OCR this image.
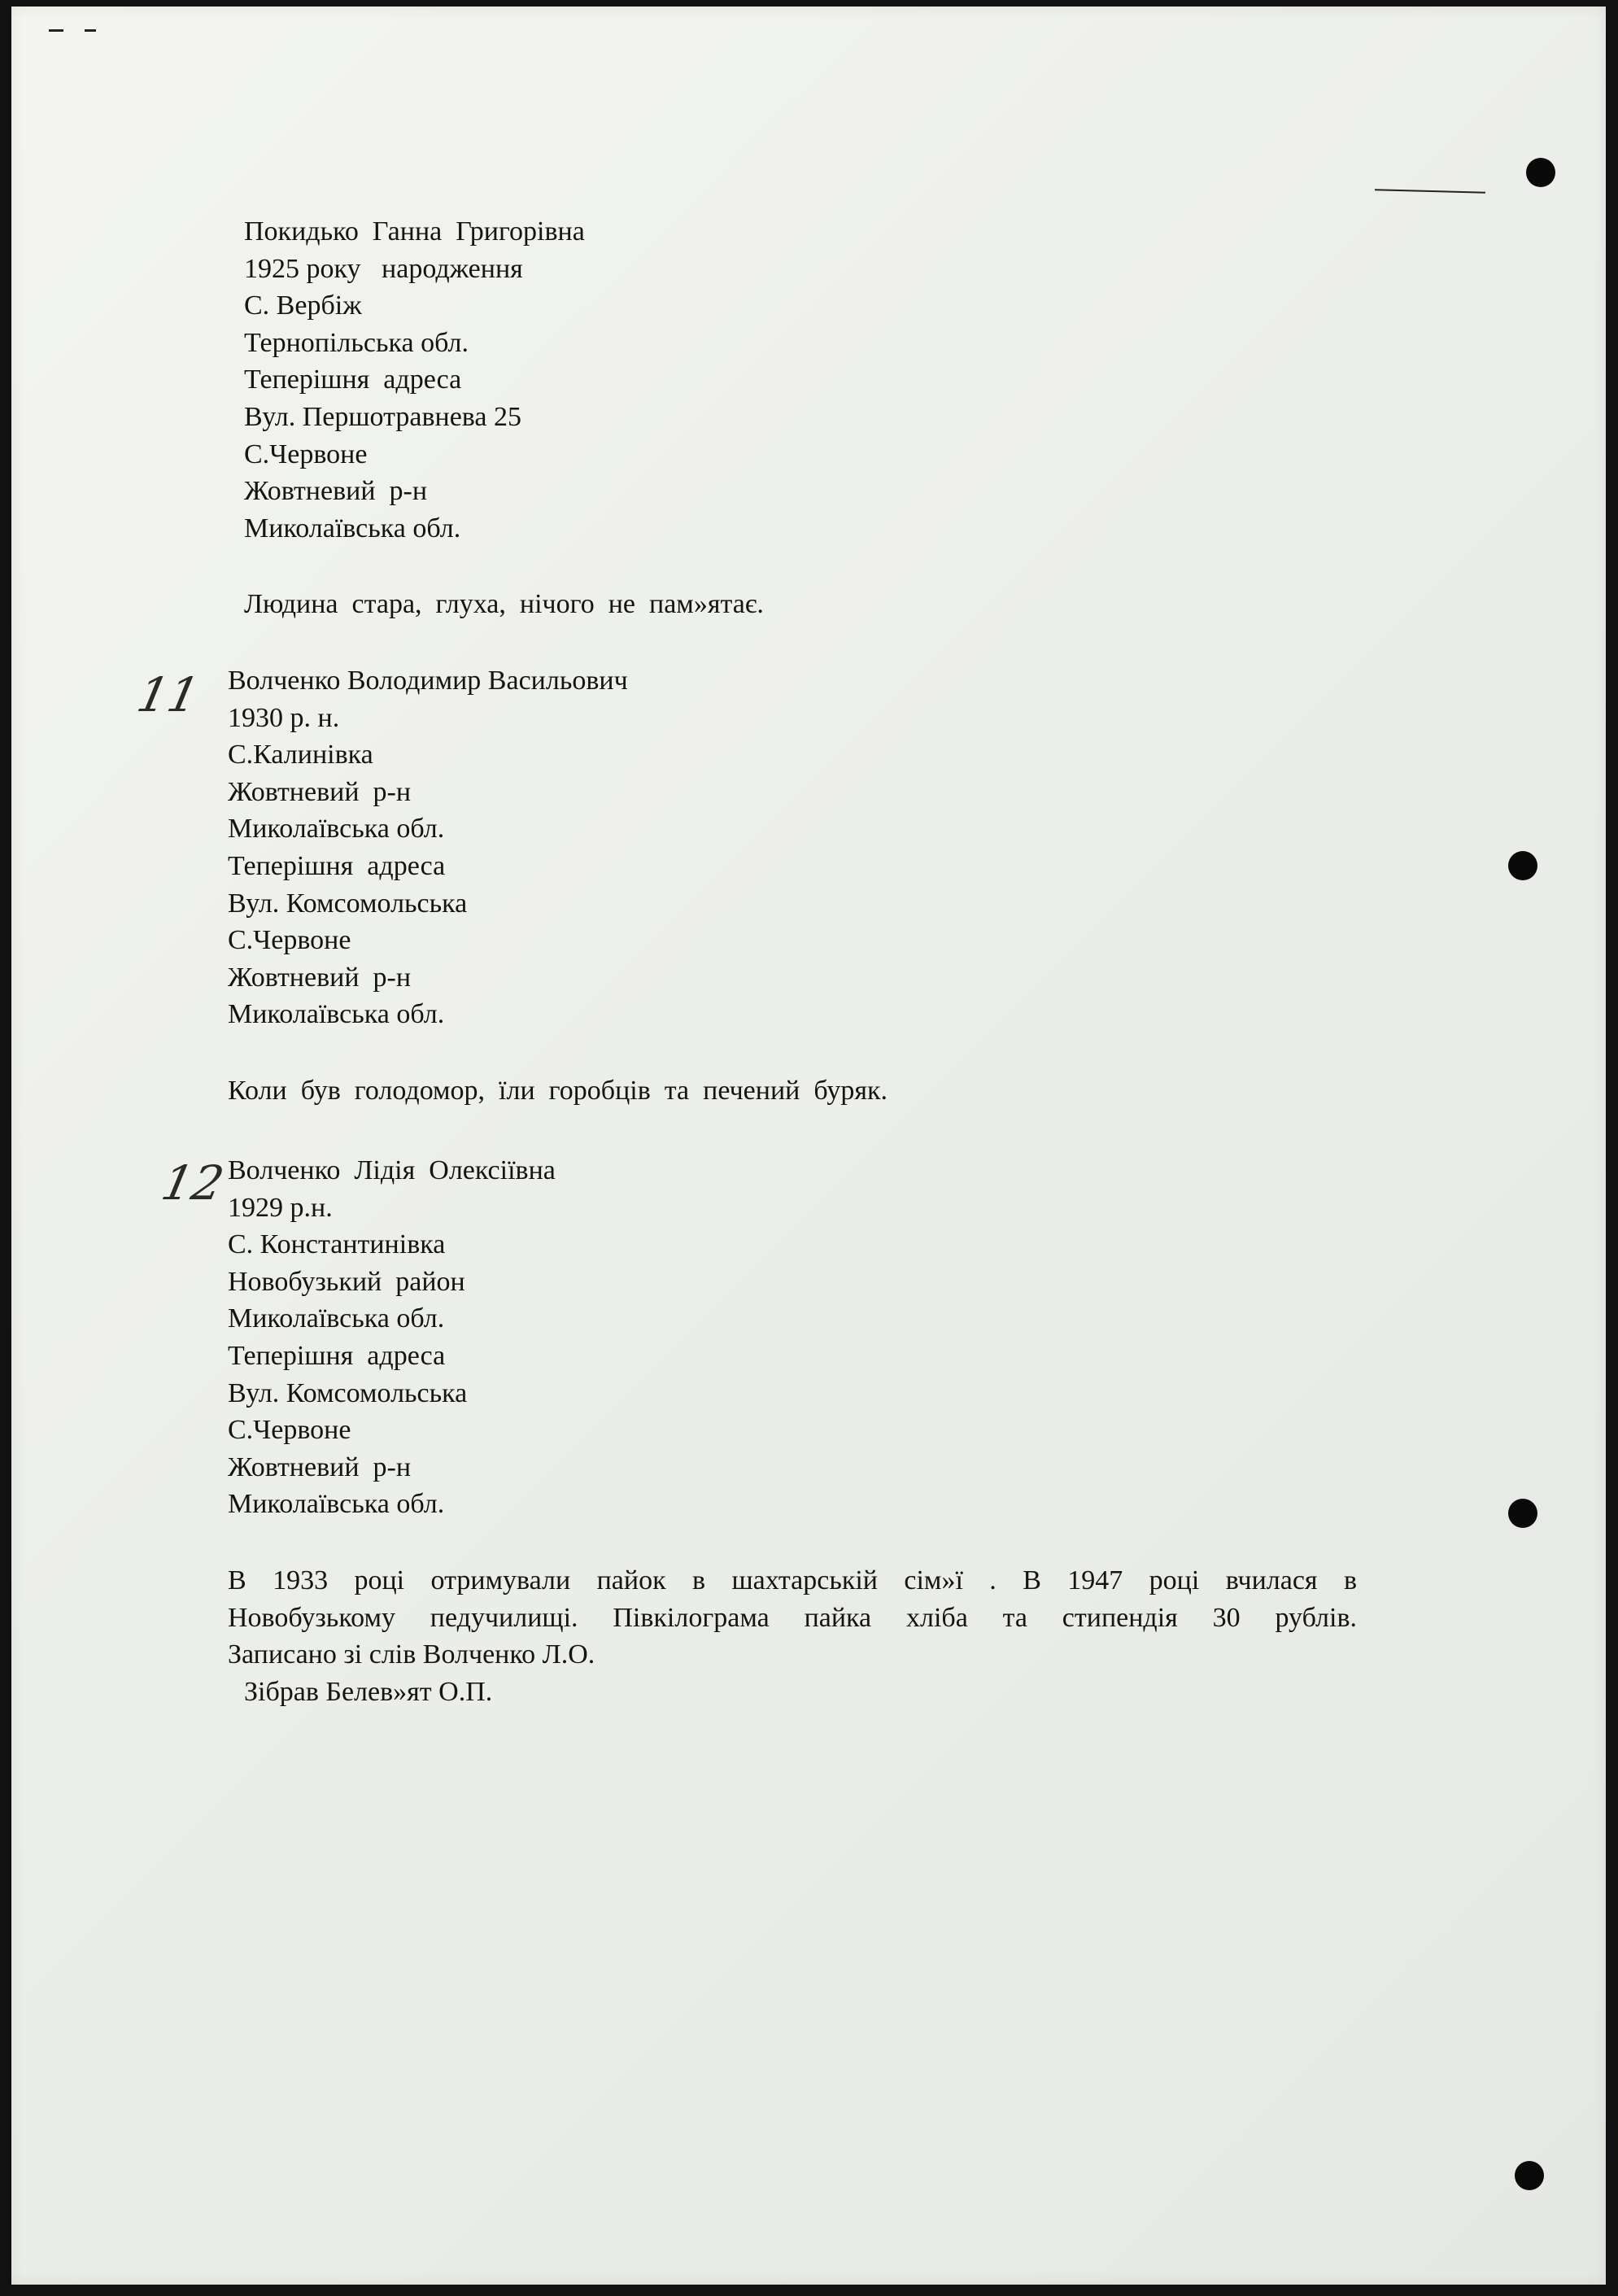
Покидько  Ганна  Григорівна
1925 року   народження
С. Вербіж
Тернопільська обл.
Теперішня  адреса
Вул. Першотравнева 25
С.Червоне
Жовтневий  р-н
Миколаївська обл.
Людина  стара,  глуха,  нічого  не  пам»ятає.
11 Волченко Володимир Васильович
1930 р. н.
С.Калинівка
Жовтневий  р-н
Миколаївська обл.
Теперішня  адреса
Вул. Комсомольська
С.Червоне
Жовтневий  р-н
Миколаївська обл.
Коли  був  голодомор,  їли  горобців  та  печений  буряк.
12
Волченко  Лідія  Олексіївна
1929 р.н.
С. Константинівка
Новобузький  район
Миколаївська обл.
Теперішня  адреса
Вул. Комсомольська
С.Червоне
Жовтневий  р-н
Миколаївська обл.
В 1933 році отримували пайок в шахтарській сім»ї . В 1947 році вчилася в
Новобузькому педучилищі. Півкілограма пайка хліба та стипендія 30 рублів.
Записано зі слів Волченко Л.О.
Зібрав Белев»ят О.П.
